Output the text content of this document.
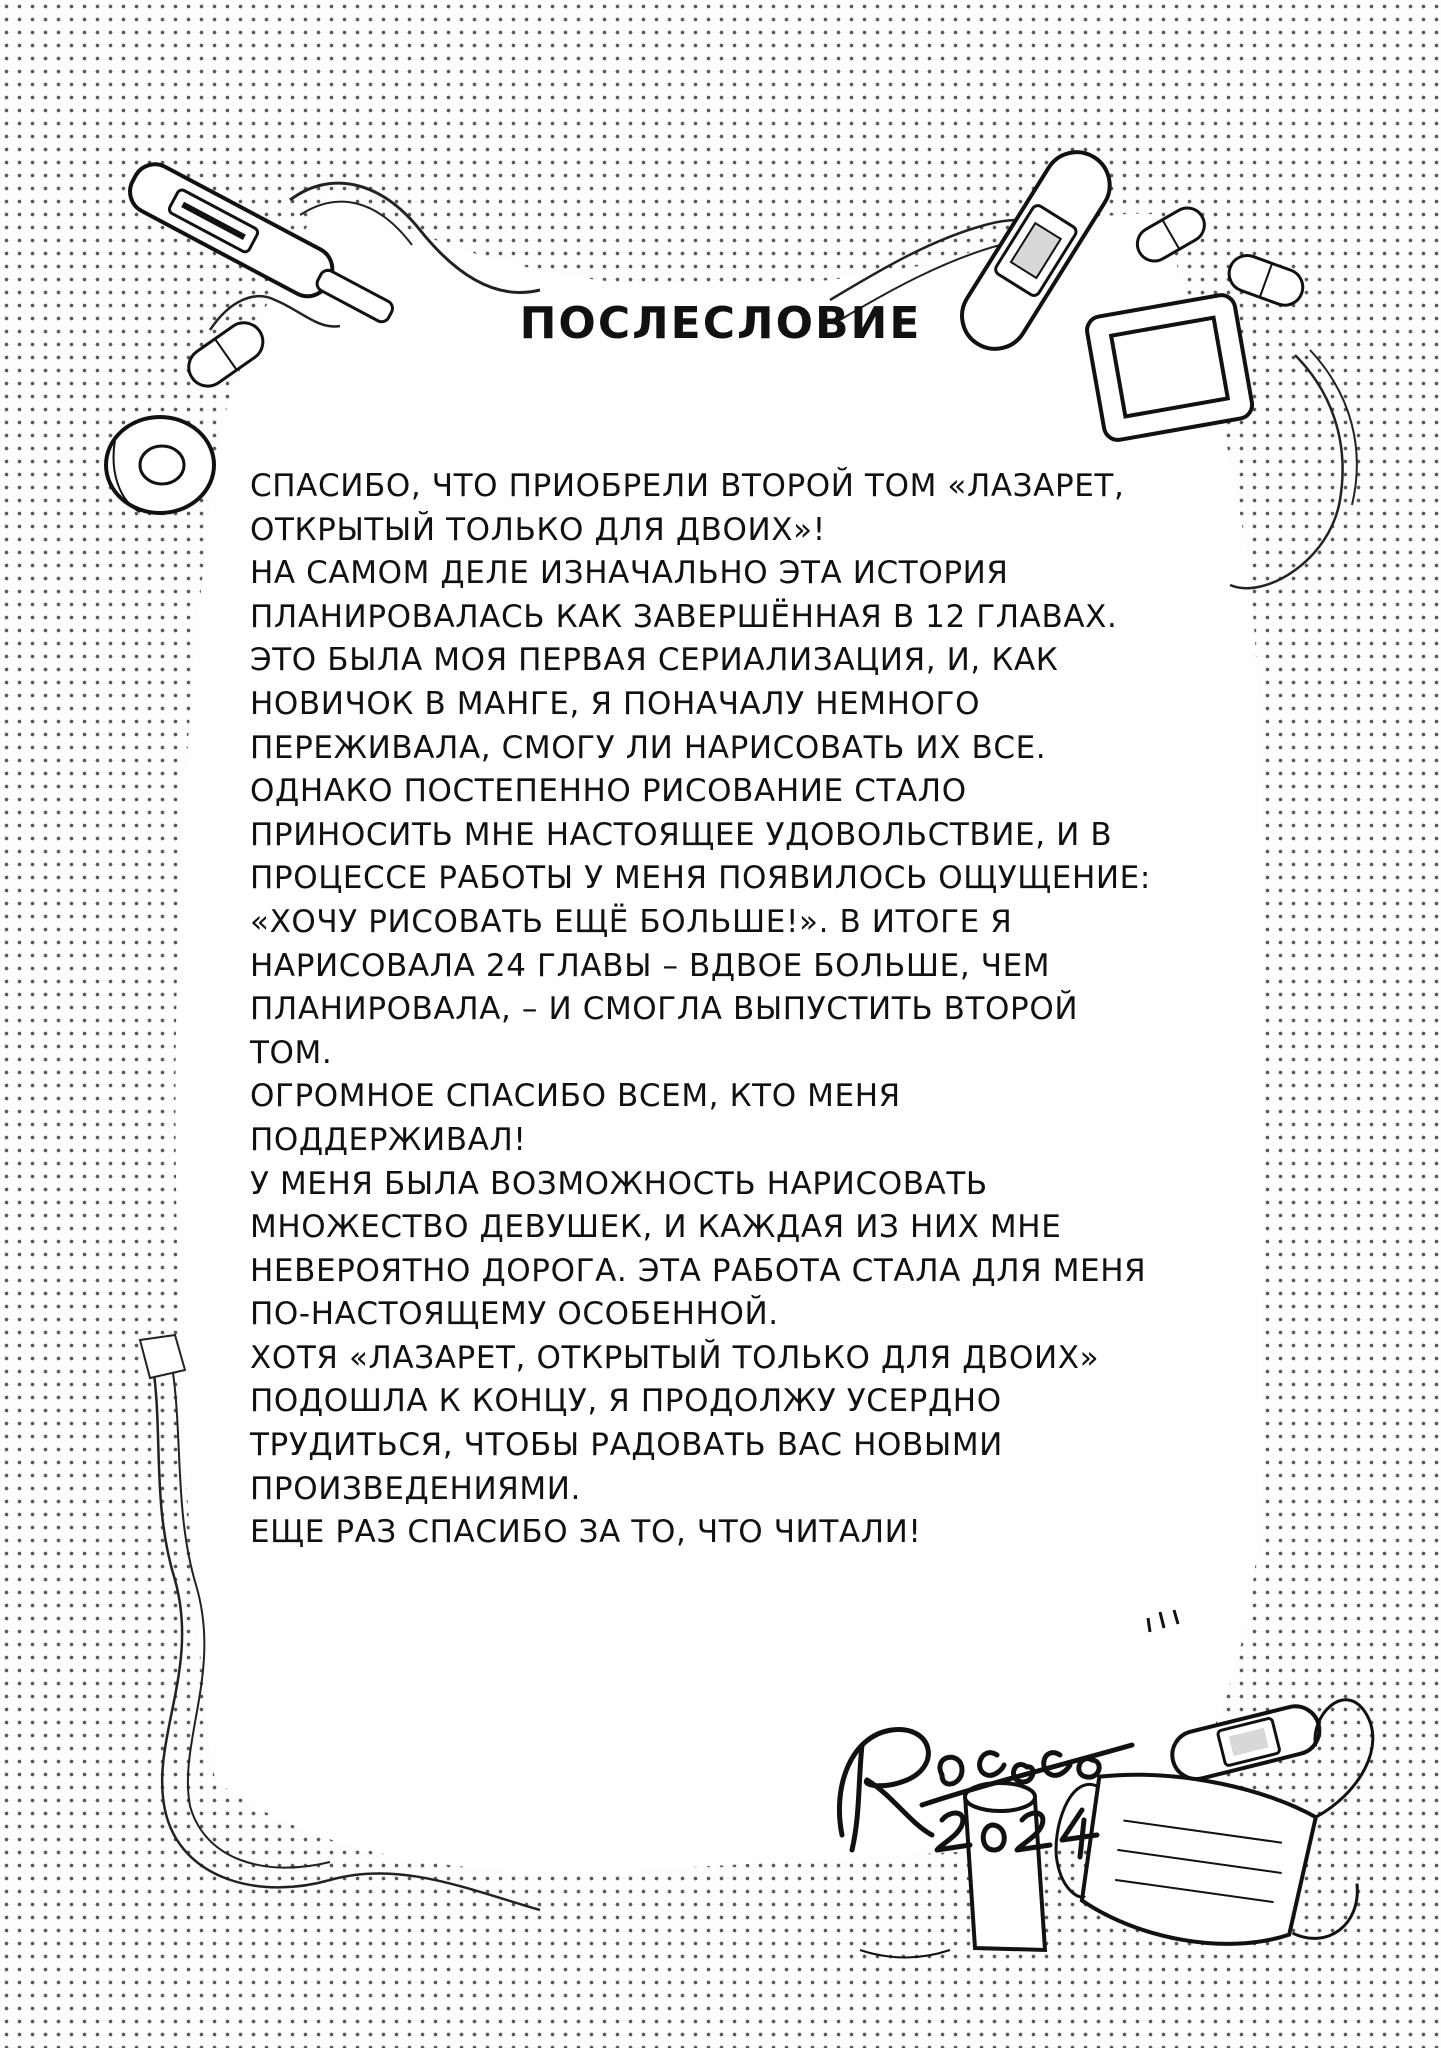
ПОСЛЕСЛОВИЕ
СПАСИБО, ЧТО ПРИОБРЕЛИ ВТОРОЙ ТОМ «ЛАЗАРЕТ,
ОТКРЫТЫЙ ТОЛЬКО ДЛЯ ДВОИХ»!
НА САМОМ ДЕЛЕ ИЗНАЧАЛЬНО ЭТА ИСТОРИЯ
ПЛАНИРОВАЛАСЬ КАК ЗАВЕРШЁННАЯ В 12 ГЛАВАХ.
ЭТО БЫЛА МОЯ ПЕРВАЯ СЕРИАЛИЗАЦИЯ, И, КАК
НОВИЧОК В МАНГЕ, Я ПОНАЧАЛУ НЕМНОГО
ПЕРЕЖИВАЛА, СМОГУ ЛИ НАРИСОВАТЬ ИХ ВСЕ.
ОДНАКО ПОСТЕПЕННО РИСОВАНИЕ СТАЛО
ПРИНОСИТЬ МНЕ НАСТОЯЩЕЕ УДОВОЛЬСТВИЕ, И В
ПРОЦЕССЕ РАБОТЫ У МЕНЯ ПОЯВИЛОСЬ ОЩУЩЕНИЕ:
«ХОЧУ РИСОВАТЬ ЕЩЁ БОЛЬШЕ!». В ИТОГЕ Я
НАРИСОВАЛА 24 ГЛАВЫ – ВДВОЕ БОЛЬШЕ, ЧЕМ
ПЛАНИРОВАЛА, – И СМОГЛА ВЫПУСТИТЬ ВТОРОЙ
ТОМ.
ОГРОМНОЕ СПАСИБО ВСЕМ, КТО МЕНЯ
ПОДДЕРЖИВАЛ!
У МЕНЯ БЫЛА ВОЗМОЖНОСТЬ НАРИСОВАТЬ
МНОЖЕСТВО ДЕВУШЕК, И КАЖДАЯ ИЗ НИХ МНЕ
НЕВЕРОЯТНО ДОРОГА. ЭТА РАБОТА СТАЛА ДЛЯ МЕНЯ
ПО-НАСТОЯЩЕМУ ОСОБЕННОЙ.
ХОТЯ «ЛАЗАРЕТ, ОТКРЫТЫЙ ТОЛЬКО ДЛЯ ДВОИХ»
ПОДОШЛА К КОНЦУ, Я ПРОДОЛЖУ УСЕРДНО
ТРУДИТЬСЯ, ЧТОБЫ РАДОВАТЬ ВАС НОВЫМИ
ПРОИЗВЕДЕНИЯМИ.
ЕЩЕ РАЗ СПАСИБО ЗА ТО, ЧТО ЧИТАЛИ!
